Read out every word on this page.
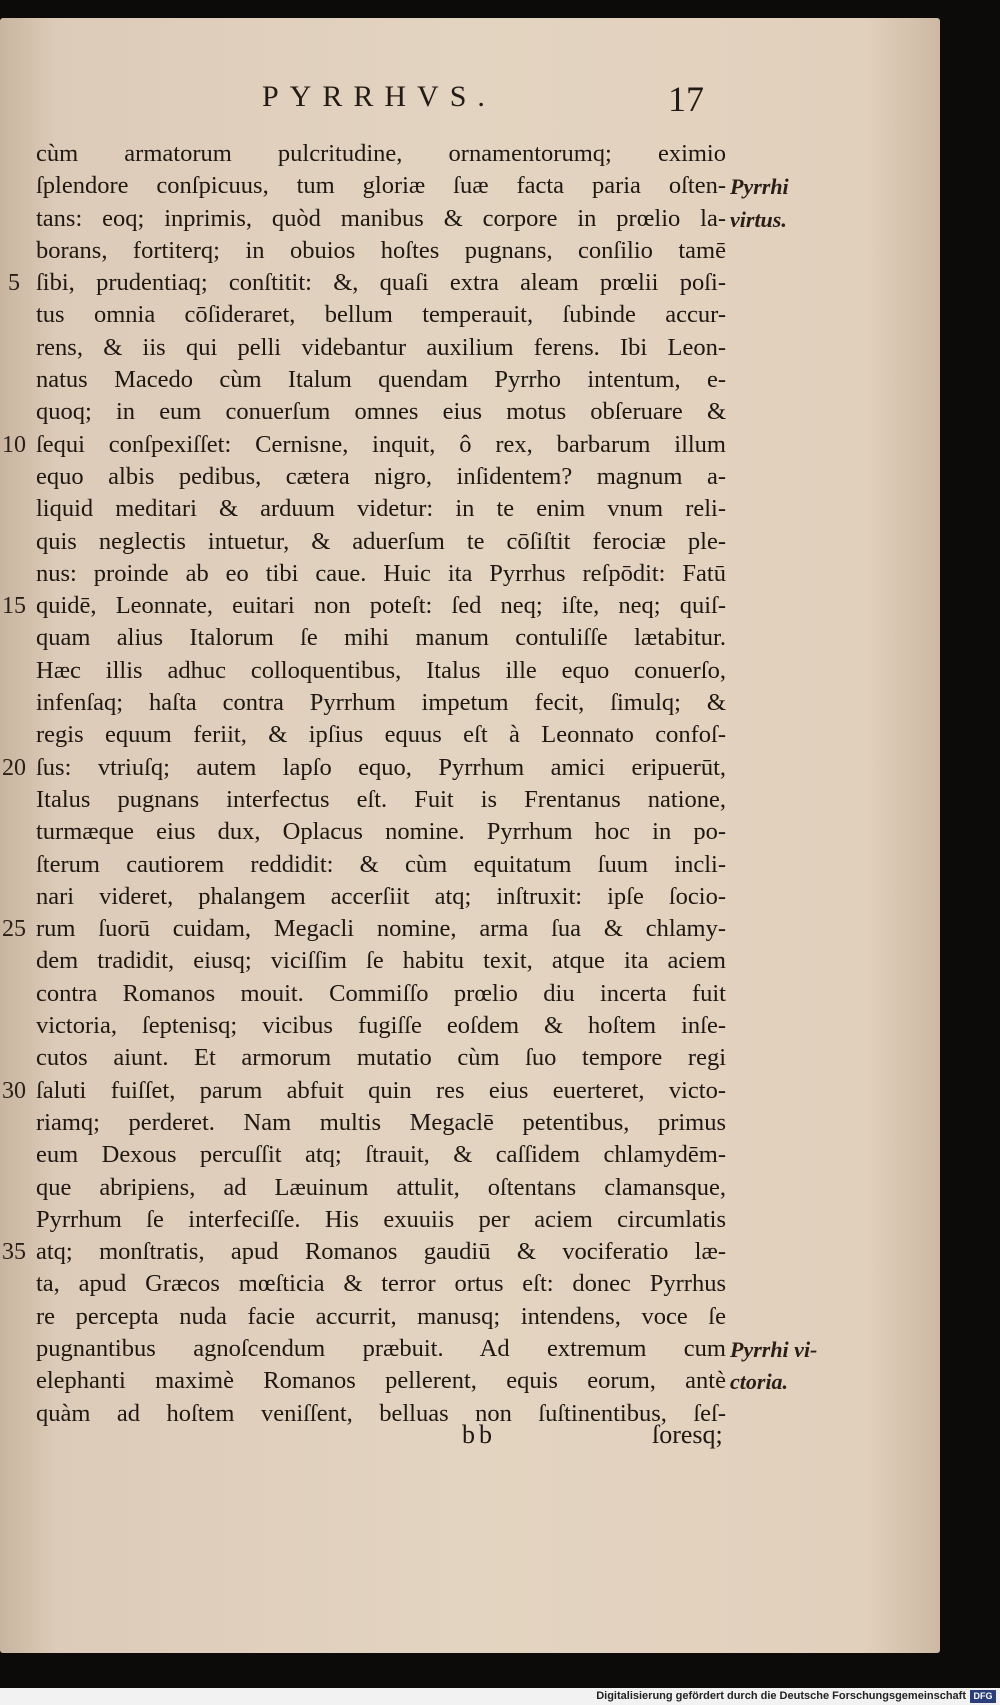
PYRRHVS.	17
cùm armatorum pulcritudine, ornamentorumq; eximio
ſplendore conſpicuus, tum gloriæ ſuæ facta paria oſten-
tans: eoq; inprimis, quòd manibus & corpore in prœlio la-
borans, fortiterq; in obuios hoſtes pugnans, conſilio tamē
ſibi, prudentiaq; conſtitit: &, quaſi extra aleam prœlii poſi-
tus omnia cōſideraret, bellum temperauit, ſubinde accur-
rens, & iis qui pelli videbantur auxilium ferens. Ibi Leon-
natus Macedo cùm Italum quendam Pyrrho intentum, e-
quoq; in eum conuerſum omnes eius motus obſeruare &
ſequi conſpexiſſet: Cernisne, inquit, ô rex, barbarum illum
equo albis pedibus, cætera nigro, inſidentem? magnum a-
liquid meditari & arduum videtur: in te enim vnum reli-
quis neglectis intuetur, & aduerſum te cōſiſtit ferociæ ple-
nus: proinde ab eo tibi caue. Huic ita Pyrrhus reſpōdit: Fatū
quidē, Leonnate, euitari non poteſt: ſed neq; iſte, neq; quiſ-
quam alius Italorum ſe mihi manum contuliſſe lætabitur.
Hæc illis adhuc colloquentibus, Italus ille equo conuerſo,
infenſaq; haſta contra Pyrrhum impetum fecit, ſimulq; &
regis equum feriit, & ipſius equus eſt à Leonnato confoſ-
ſus: vtriuſq; autem lapſo equo, Pyrrhum amici eripuerūt,
Italus pugnans interfectus eſt. Fuit is Frentanus natione,
turmæque eius dux, Oplacus nomine. Pyrrhum hoc in po-
ſterum cautiorem reddidit: & cùm equitatum ſuum incli-
nari videret, phalangem accerſiit atq; inſtruxit: ipſe ſocio-
rum ſuorū cuidam, Megacli nomine, arma ſua & chlamy-
dem tradidit, eiusq; viciſſim ſe habitu texit, atque ita aciem
contra Romanos mouit. Commiſſo prœlio diu incerta fuit
victoria, ſeptenisq; vicibus fugiſſe eoſdem & hoſtem inſe-
cutos aiunt. Et armorum mutatio cùm ſuo tempore regi
ſaluti fuiſſet, parum abfuit quin res eius euerteret, victo-
riamq; perderet. Nam multis Megaclē petentibus, primus
eum Dexous percuſſit atq; ſtrauit, & caſſidem chlamydēm-
que abripiens, ad Læuinum attulit, oſtentans clamansque,
Pyrrhum ſe interfeciſſe. His exuuiis per aciem circumlatis
atq; monſtratis, apud Romanos gaudiū & vociferatio læ-
ta, apud Græcos mœſticia & terror ortus eſt: donec Pyrrhus
re percepta nuda facie accurrit, manusq; intendens, voce ſe
pugnantibus agnoſcendum præbuit. Ad extremum cum
elephanti maximè Romanos pellerent, equis eorum, antè
quàm ad hoſtem veniſſent, belluas non ſuſtinentibus, ſeſ-
bb	ſoresq;
5
10
15
20
25
30
35
Pyrrhi
virtus.
Pyrrhi vi-
ctoria.
Digitalisierung gefördert durch die Deutsche Forschungsgemeinschaft DFG
